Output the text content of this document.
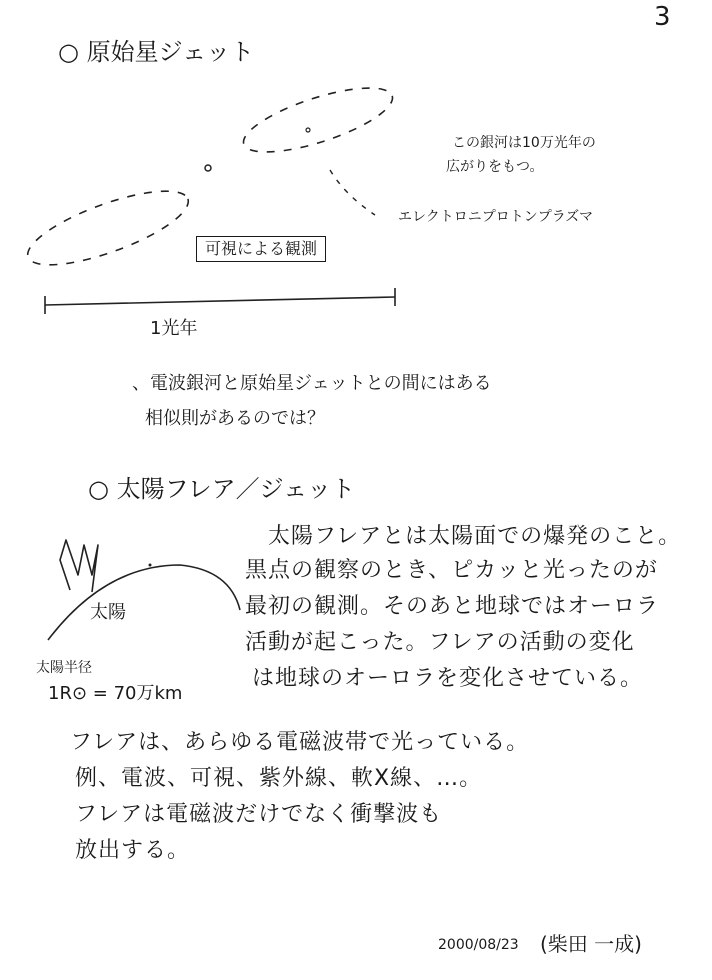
3
○ 原始星ジェット
この銀河は10万光年の
広がりをもつ。
エレクトロニプロトンプラズマ
可視による観測
1光年
、電波銀河と原始星ジェットとの間にはある
相似則があるのでは？
○ 太陽フレア／ジェット
太陽
太陽半径
1R⊙ = 70万km
太陽フレアとは太陽面での爆発のこと。
黒点の観察のとき、ピカッと光ったのが
最初の観測。そのあと地球ではオーロラ
活動が起こった。フレアの活動の変化
は地球のオーロラを変化させている。
フレアは、あらゆる電磁波帯で光っている。
例、電波、可視、紫外線、軟X線、…。
フレアは電磁波だけでなく衝撃波も
放出する。
2000/08/23 (柴田 一成)
